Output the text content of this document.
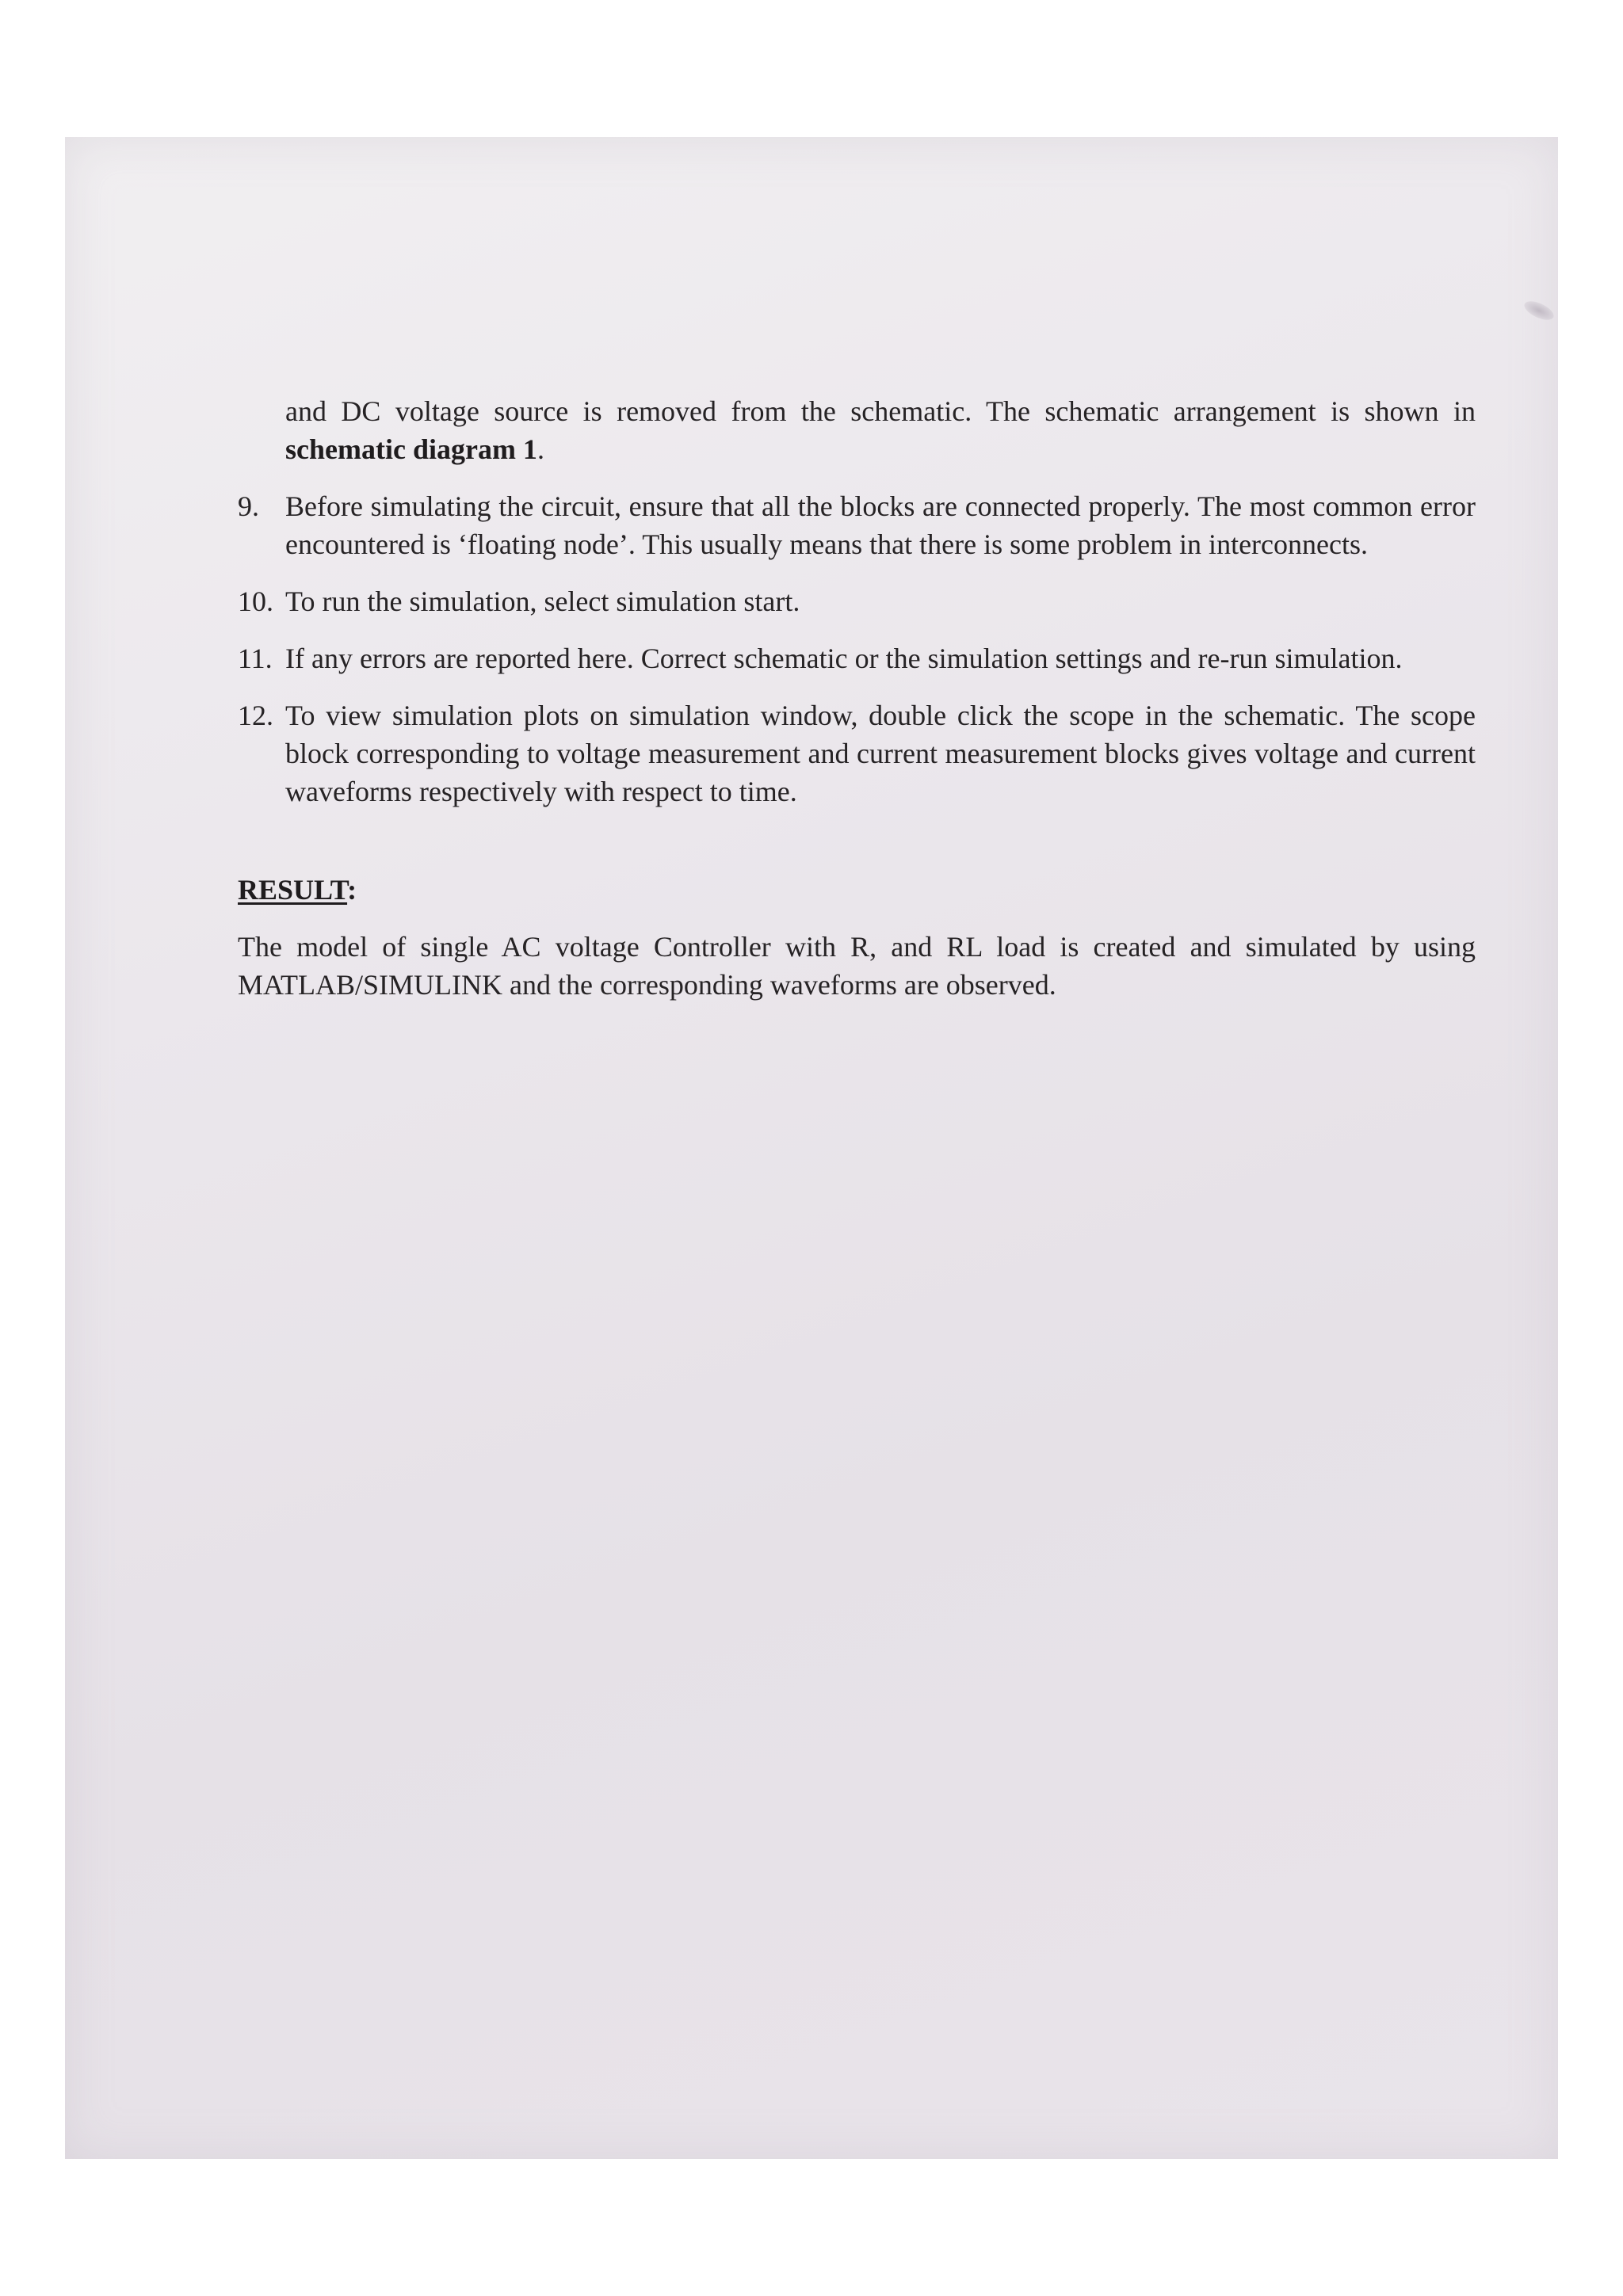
and DC voltage source is removed from the schematic. The schematic arrangement is shown in schematic diagram 1.

9. Before simulating the circuit, ensure that all the blocks are connected properly. The most common error encountered is ‘floating node’. This usually means that there is some problem in interconnects.
10. To run the simulation, select simulation start.
11. If any errors are reported here. Correct schematic or the simulation settings and re-run simulation.
12. To view simulation plots on simulation window, double click the scope in the schematic. The scope block corresponding to voltage measurement and current measurement blocks gives voltage and current waveforms respectively with respect to time.
RESULT:

The model of single AC voltage Controller with R, and RL load is created and simulated by using MATLAB/SIMULINK and the corresponding waveforms are observed.
